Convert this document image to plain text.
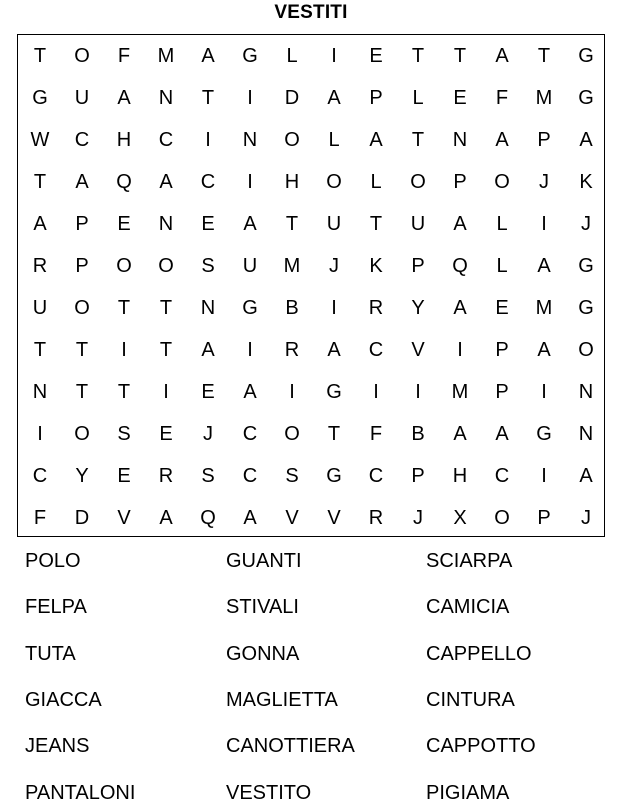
VESTITI
T O F M A G	L	I	E T T A T G
G U A N T	I	D A P	L	E F M G
W C H C	I	N O	L	A T N A P A
T A Q A C	I	H O	L	O P O	J	K
A P E N E A T U T U A	L	I	J
R P O O S U M	J	K P Q	L	A G
U O T T N G B	I	R Y A E M G
T T	I	T A	I	R A C V	I	P A O
N T T	I	E A	I	G	I	I	M P	I	N
I	O S E	J	C O T F B A A G N
C Y E R S C S G C P H C	I	A
F D V A Q A V V R	J	X O P	J
POLO	GUANTI	SCIARPA
FELPA	STIVALI	CAMICIA
TUTA	GONNA	CAPPELLO
GIACCA	MAGLIETTA	CINTURA
JEANS	CANOTTIERA	CAPPOTTO
PANTALONI	VESTITO	PIGIAMA
